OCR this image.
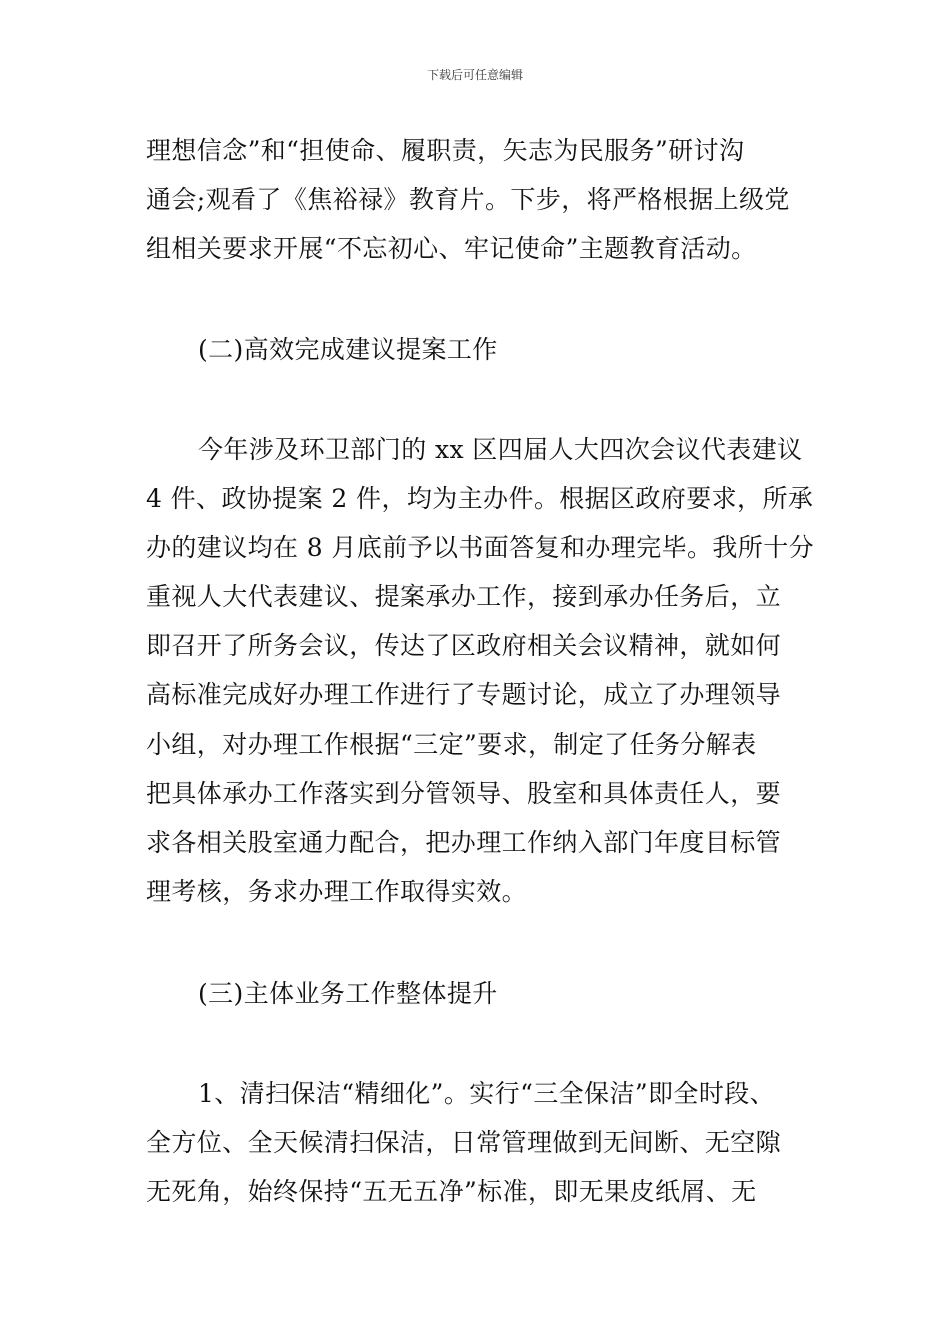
下载后可任意编辑
理想信念”和“担使命、履职责，矢志为民服务”研讨沟
通会;观看了《焦裕禄》教育片。下步，将严格根据上级党
组相关要求开展“不忘初心、牢记使命”主题教育活动。
(二)高效完成建议提案工作
今年涉及环卫部门的 xx 区四届人大四次会议代表建议
4 件、政协提案 2 件，均为主办件。根据区政府要求，所承
办的建议均在 8 月底前予以书面答复和办理完毕。我所十分
重视人大代表建议、提案承办工作，接到承办任务后，立
即召开了所务会议，传达了区政府相关会议精神，就如何
高标准完成好办理工作进行了专题讨论，成立了办理领导
小组，对办理工作根据“三定”要求，制定了任务分解表
把具体承办工作落实到分管领导、股室和具体责任人，要
求各相关股室通力配合，把办理工作纳入部门年度目标管
理考核，务求办理工作取得实效。
(三)主体业务工作整体提升
1、清扫保洁“精细化”。实行“三全保洁”即全时段、
全方位、全天候清扫保洁，日常管理做到无间断、无空隙
无死角，始终保持“五无五净”标准，即无果皮纸屑、无
